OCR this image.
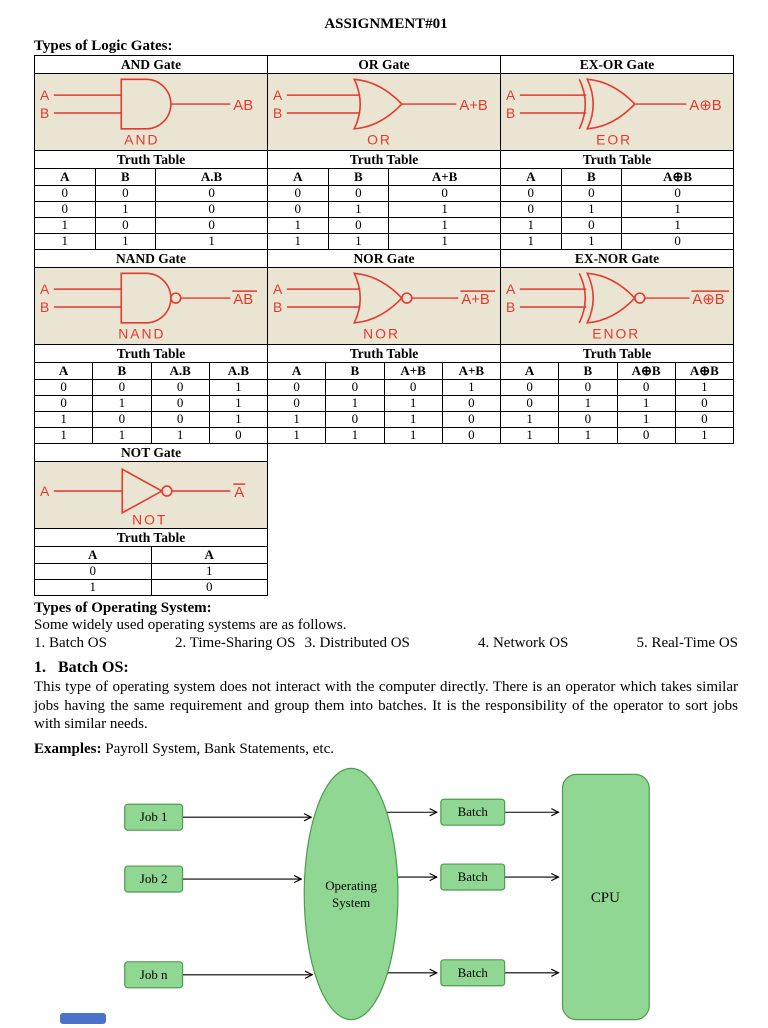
ASSIGNMENT#01
Types of Logic Gates:
AND Gate		

A
B AB
AND		

Truth Table		
A	B	A.B
0	0	0
0	1	0
1	0	0
1	1	1
OR Gate		

A
B A+B
OR		

Truth Table		
A	B	A+B
0	0	0
0	1	1
1	0	1
1	1	1
EX-OR Gate		

A
B A⊕B
EOR		

Truth Table		
A	B	A⊕B
0	0	0
0	1	1
1	0	1
1	1	0
NAND Gate			

A
B AB
NAND			

Truth Table			
A	B	A.B	A.B
0	0	0	1
0	1	0	1
1	0	0	1
1	1	1	0
NOR Gate			

A
B A+B
NOR			

Truth Table			
A	B	A+B	A+B
0	0	0	1
0	1	1	0
1	0	1	0
1	1	1	0
EX-NOR Gate			

A
B A⊕B
ENOR			

Truth Table			
A	B	A⊕B	A⊕B
0	0	0	1
0	1	1	0
1	0	1	0
1	1	0	1
NOT Gate	

A A
NOT	

Truth Table	
A	$\overline{A}$
0	1
1	0
Types of Operating System:
Some widely used operating systems are as follows.
1. Batch OS	2. Time-Sharing OS 3. Distributed OS	4. Network OS	5. Real-Time OS
1. Batch OS:

This type of operating system does not interact with the computer directly. There is an operator which takes similar jobs having the same requirement and group them into batches. It is the responsibility of the operator to sort jobs with similar needs.

Examples: Payroll System, Bank Statements, etc.
Job 1
Job 2
Job n
Operating
System
Batch
Batch
Batch
CPU
